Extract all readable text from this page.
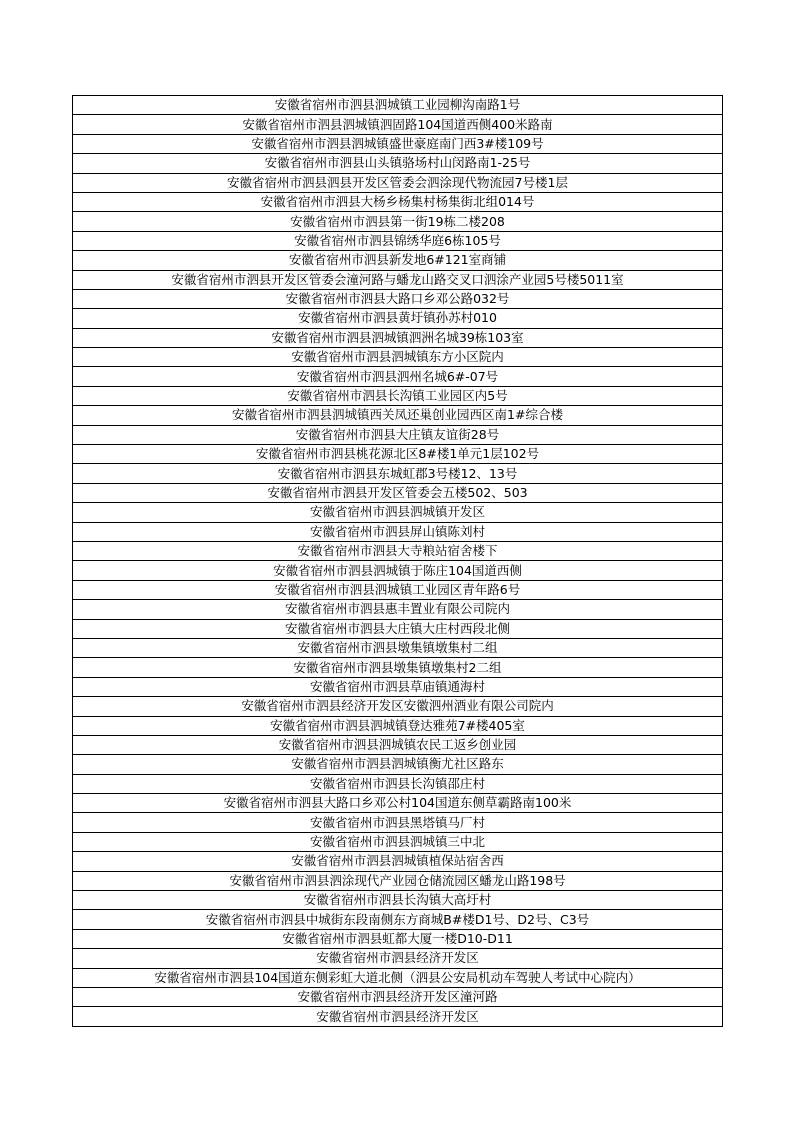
安徽省宿州市泗县泗城镇工业园柳沟南路1号
安徽省宿州市泗县泗城镇泗固路104国道西侧400米路南
安徽省宿州市泗县泗城镇盛世豪庭南门西3#楼109号
安徽省宿州市泗县山头镇骆场村山闵路南1-25号
安徽省宿州市泗县泗县开发区管委会泗涂现代物流园7号楼1层
安徽省宿州市泗县大杨乡杨集村杨集街北组014号
安徽省宿州市泗县第一街19栋二楼208
安徽省宿州市泗县锦绣华庭6栋105号
安徽省宿州市泗县新发地6#121室商铺
安徽省宿州市泗县开发区管委会潼河路与蟠龙山路交叉口泗涂产业园5号楼5011室
安徽省宿州市泗县大路口乡邓公路032号
安徽省宿州市泗县黄圩镇孙苏村010
安徽省宿州市泗县泗城镇泗洲名城39栋103室
安徽省宿州市泗县泗城镇东方小区院内
安徽省宿州市泗县泗州名城6#-07号
安徽省宿州市泗县长沟镇工业园区内5号
安徽省宿州市泗县泗城镇西关凤还巢创业园西区南1#综合楼
安徽省宿州市泗县大庄镇友谊街28号
安徽省宿州市泗县桃花源北区8#楼1单元1层102号
安徽省宿州市泗县东城虹郡3号楼12、13号
安徽省宿州市泗县开发区管委会五楼502、503
安徽省宿州市泗县泗城镇开发区
安徽省宿州市泗县屏山镇陈刘村
安徽省宿州市泗县大寺粮站宿舍楼下
安徽省宿州市泗县泗城镇于陈庄104国道西侧
安徽省宿州市泗县泗城镇工业园区青年路6号
安徽省宿州市泗县惠丰置业有限公司院内
安徽省宿州市泗县大庄镇大庄村西段北侧
安徽省宿州市泗县墩集镇墩集村二组
安徽省宿州市泗县墩集镇墩集村2二组
安徽省宿州市泗县草庙镇通海村
安徽省宿州市泗县经济开发区安徽泗州酒业有限公司院内
安徽省宿州市泗县泗城镇登达雅苑7#楼405室
安徽省宿州市泗县泗城镇农民工返乡创业园
安徽省宿州市泗县泗城镇衡尤社区路东
安徽省宿州市泗县长沟镇邵庄村
安徽省宿州市泗县大路口乡邓公村104国道东侧草霸路南100米
安徽省宿州市泗县黑塔镇马厂村
安徽省宿州市泗县泗城镇三中北
安徽省宿州市泗县泗城镇植保站宿舍西
安徽省宿州市泗县泗涂现代产业园仓储流园区蟠龙山路198号
安徽省宿州市泗县长沟镇大高圩村
安徽省宿州市泗县中城街东段南侧东方商城B#楼D1号、D2号、C3号
安徽省宿州市泗县虹都大厦一楼D10-D11
安徽省宿州市泗县经济开发区
安徽省宿州市泗县104国道东侧彩虹大道北侧（泗县公安局机动车驾驶人考试中心院内）
安徽省宿州市泗县经济开发区潼河路
安徽省宿州市泗县经济开发区
